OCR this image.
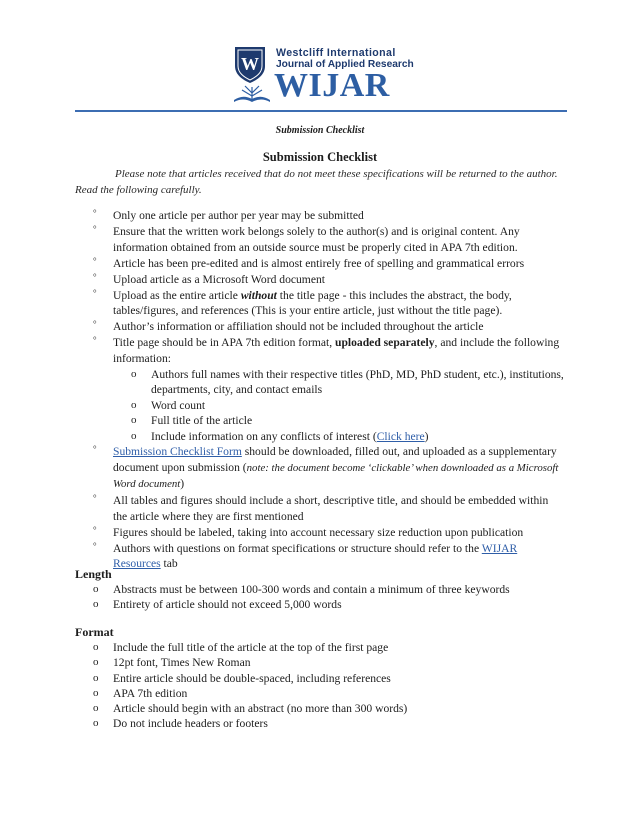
W
Westcliff International
Journal of Applied Research
WIJAR
Submission Checklist
Submission Checklist
Please note that articles received that do not meet these specifications will be returned to the author. Read the following carefully.
° Only one article per author per year may be submitted
° Ensure that the written work belongs solely to the author(s) and is original content. Any information obtained from an outside source must be properly cited in APA 7th edition.
° Article has been pre-edited and is almost entirely free of spelling and grammatical errors
° Upload article as a Microsoft Word document
° Upload as the entire article without the title page - this includes the abstract, the body, tables/figures, and references (This is your entire article, just without the title page).
° Author’s information or affiliation should not be included throughout the article
° Title page should be in APA 7th edition format, uploaded separately, and include the following information:
o Authors full names with their respective titles (PhD, MD, PhD student, etc.), institutions, departments, city, and contact emails
o Word count
o Full title of the article
o Include information on any conflicts of interest (Click here)
° Submission Checklist Form should be downloaded, filled out, and uploaded as a supplementary document upon submission (note: the document become ‘clickable’ when downloaded as a Microsoft Word document)
° All tables and figures should include a short, descriptive title, and should be embedded within the article where they are first mentioned
° Figures should be labeled, taking into account necessary size reduction upon publication
° Authors with questions on format specifications or structure should refer to the WIJAR Resources tab
Length
o Abstracts must be between 100-300 words and contain a minimum of three keywords
o Entirety of article should not exceed 5,000 words
Format
o Include the full title of the article at the top of the first page
o 12pt font, Times New Roman
o Entire article should be double-spaced, including references
o APA 7th edition
o Article should begin with an abstract (no more than 300 words)
o Do not include headers or footers
